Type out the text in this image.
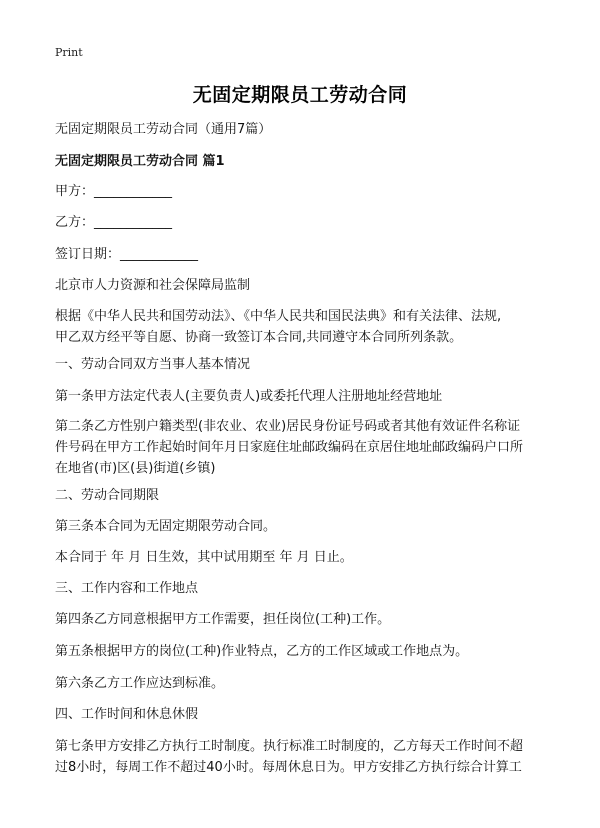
Print
无固定期限员工劳动合同
无固定期限员工劳动合同（通用7篇）
无固定期限员工劳动合同 篇1
甲方：____________
乙方：____________
签订日期：____________
北京市人力资源和社会保障局监制
根据《中华人民共和国劳动法》、《中华人民共和国民法典》和有关法律、法规,
甲乙双方经平等自愿、协商一致签订本合同,共同遵守本合同所列条款。
一、劳动合同双方当事人基本情况
第一条甲方法定代表人(主要负责人)或委托代理人注册地址经营地址
第二条乙方性别户籍类型(非农业、农业)居民身份证号码或者其他有效证件名称证
件号码在甲方工作起始时间年月日家庭住址邮政编码在京居住地址邮政编码户口所
在地省(市)区(县)街道(乡镇)
二、劳动合同期限
第三条本合同为无固定期限劳动合同。
本合同于 年 月 日生效，其中试用期至 年 月 日止。
三、工作内容和工作地点
第四条乙方同意根据甲方工作需要，担任岗位(工种)工作。
第五条根据甲方的岗位(工种)作业特点，乙方的工作区域或工作地点为。
第六条乙方工作应达到标准。
四、工作时间和休息休假
第七条甲方安排乙方执行工时制度。执行标准工时制度的，乙方每天工作时间不超
过8小时，每周工作不超过40小时。每周休息日为。甲方安排乙方执行综合计算工
